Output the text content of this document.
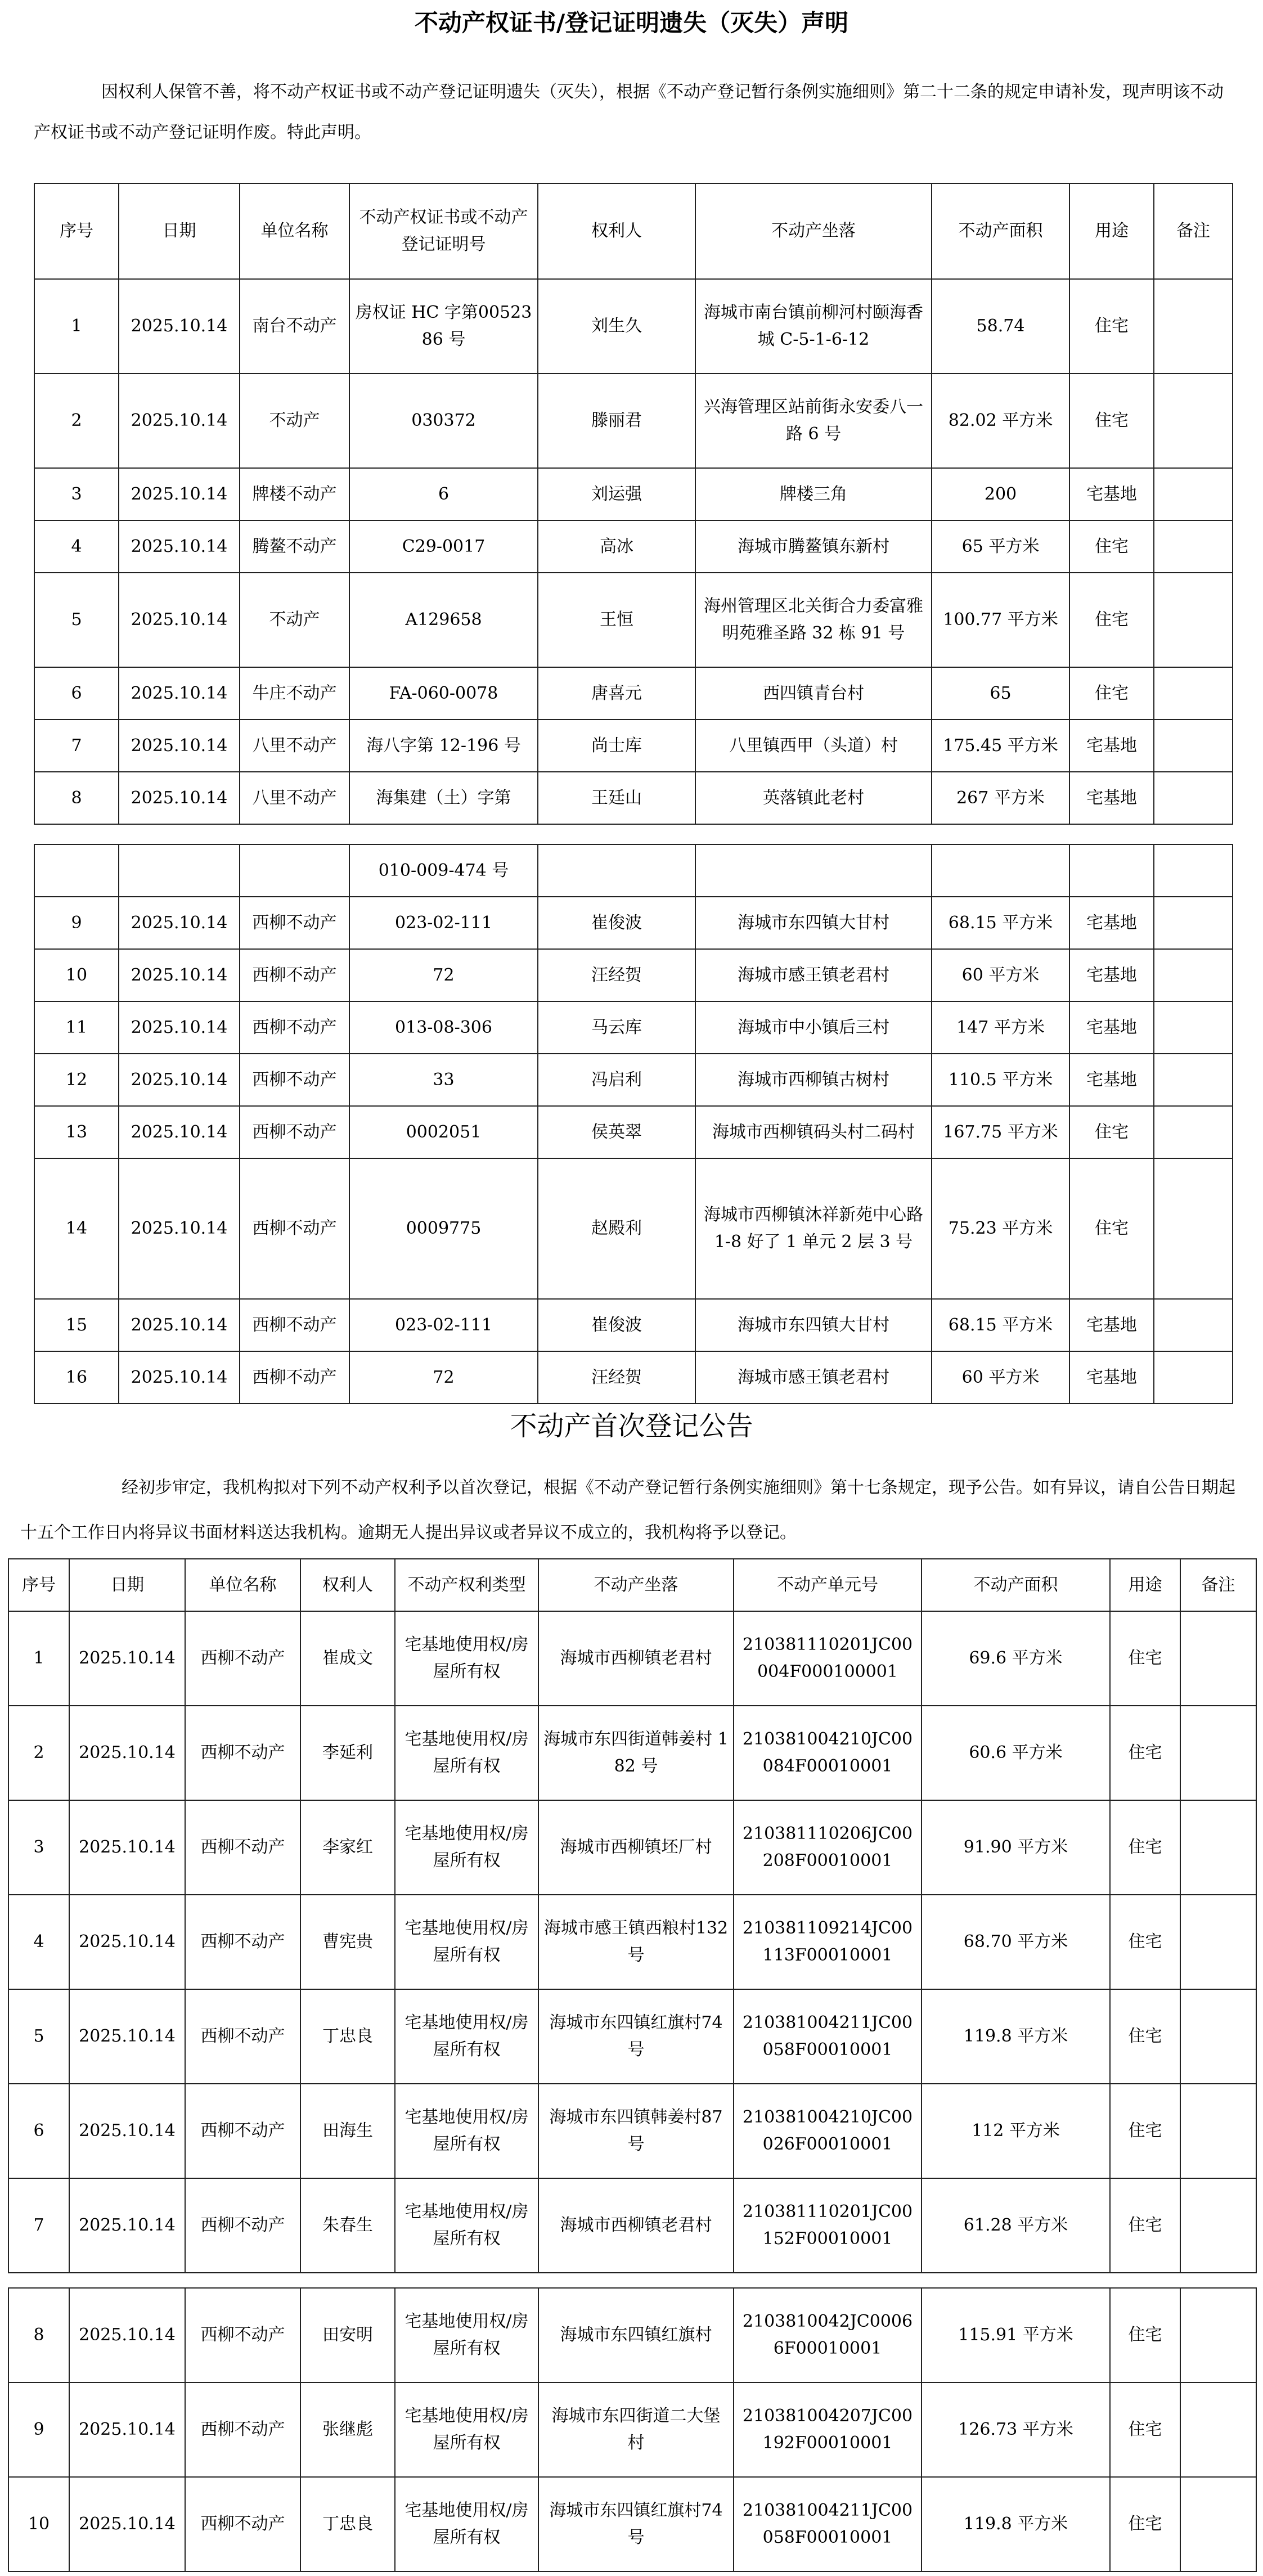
不动产权证书/登记证明遗失（灭失）声明
因权利人保管不善，将不动产权证书或不动产登记证明遗失（灭失），根据《不动产登记暂行条例实施细则》第二十二条的规定申请补发，现声明该不动产权证书或不动产登记证明作废。特此声明。
序号	日期	单位名称	不动产权证书或不动产登记证明号	权利人	不动产坐落	不动产面积	用途	备注
1	2025.10.14	南台不动产	房权证 HC 字第0052386 号	刘生久	海城市南台镇前柳河村颐海香城 C-5-1-6-12	58.74	住宅	
2	2025.10.14	不动产	030372	滕丽君	兴海管理区站前街永安委八一路 6 号	82.02 平方米	住宅	
3	2025.10.14	牌楼不动产	6	刘运强	牌楼三角	200	宅基地	
4	2025.10.14	腾鳌不动产	C29-0017	高冰	海城市腾鳌镇东新村	65 平方米	住宅	
5	2025.10.14	不动产	A129658	王恒	海州管理区北关街合力委富雅明苑雅圣路 32 栋 91 号	100.77 平方米	住宅	
6	2025.10.14	牛庄不动产	FA-060-0078	唐喜元	西四镇青台村	65	住宅	
7	2025.10.14	八里不动产	海八字第 12-196 号	尚士库	八里镇西甲（头道）村	175.45 平方米	宅基地	
8	2025.10.14	八里不动产	海集建（土）字第	王廷山	英落镇此老村	267 平方米	宅基地	
			010-009-474 号					
9	2025.10.14	西柳不动产	023-02-111	崔俊波	海城市东四镇大甘村	68.15 平方米	宅基地	
10	2025.10.14	西柳不动产	72	汪经贺	海城市感王镇老君村	60 平方米	宅基地	
11	2025.10.14	西柳不动产	013-08-306	马云库	海城市中小镇后三村	147 平方米	宅基地	
12	2025.10.14	西柳不动产	33	冯启利	海城市西柳镇古树村	110.5 平方米	宅基地	
13	2025.10.14	西柳不动产	0002051	侯英翠	海城市西柳镇码头村二码村	167.75 平方米	住宅	
14	2025.10.14	西柳不动产	0009775	赵殿利	海城市西柳镇沐祥新苑中心路 1-8 好了 1 单元 2 层 3 号	75.23 平方米	住宅	
15	2025.10.14	西柳不动产	023-02-111	崔俊波	海城市东四镇大甘村	68.15 平方米	宅基地	
16	2025.10.14	西柳不动产	72	汪经贺	海城市感王镇老君村	60 平方米	宅基地	
不动产首次登记公告
经初步审定，我机构拟对下列不动产权利予以首次登记，根据《不动产登记暂行条例实施细则》第十七条规定，现予公告。如有异议，请自公告日期起十五个工作日内将异议书面材料送达我机构。逾期无人提出异议或者异议不成立的，我机构将予以登记。
序号	日期	单位名称	权利人	不动产权利类型	不动产坐落	不动产单元号	不动产面积	用途	备注
1	2025.10.14	西柳不动产	崔成文	宅基地使用权/房屋所有权	海城市西柳镇老君村	210381110201JC00004F000100001	69.6 平方米	住宅	
2	2025.10.14	西柳不动产	李延利	宅基地使用权/房屋所有权	海城市东四街道韩姜村 182 号	210381004210JC00084F00010001	60.6 平方米	住宅	
3	2025.10.14	西柳不动产	李家红	宅基地使用权/房屋所有权	海城市西柳镇坯厂村	210381110206JC00208F00010001	91.90 平方米	住宅	
4	2025.10.14	西柳不动产	曹宪贵	宅基地使用权/房屋所有权	海城市感王镇西粮村132 号	210381109214JC00113F00010001	68.70 平方米	住宅	
5	2025.10.14	西柳不动产	丁忠良	宅基地使用权/房屋所有权	海城市东四镇红旗村74 号	210381004211JC00058F00010001	119.8 平方米	住宅	
6	2025.10.14	西柳不动产	田海生	宅基地使用权/房屋所有权	海城市东四镇韩姜村87 号	210381004210JC00026F00010001	112 平方米	住宅	
7	2025.10.14	西柳不动产	朱春生	宅基地使用权/房屋所有权	海城市西柳镇老君村	210381110201JC00152F00010001	61.28 平方米	住宅	
8	2025.10.14	西柳不动产	田安明	宅基地使用权/房屋所有权	海城市东四镇红旗村	2103810042JC00066F00010001	115.91 平方米	住宅	
9	2025.10.14	西柳不动产	张继彪	宅基地使用权/房屋所有权	海城市东四街道二大堡村	210381004207JC00192F00010001	126.73 平方米	住宅	
10	2025.10.14	西柳不动产	丁忠良	宅基地使用权/房屋所有权	海城市东四镇红旗村74 号	210381004211JC00058F00010001	119.8 平方米	住宅	
